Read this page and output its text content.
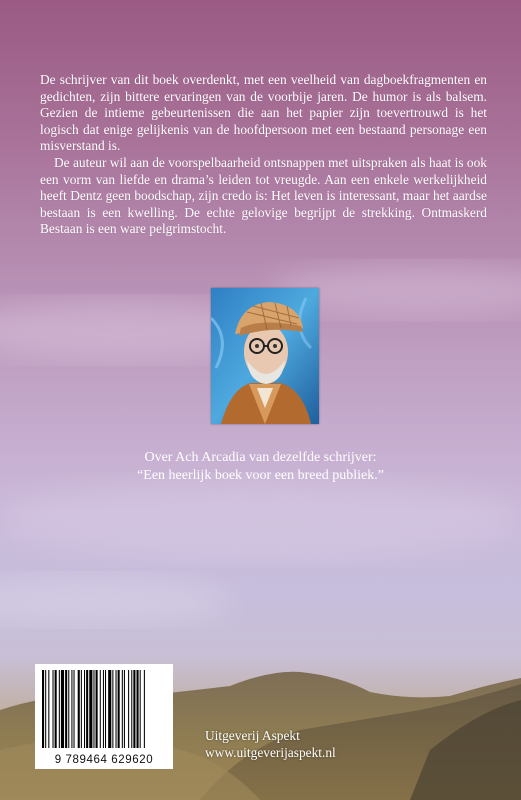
De schrijver van dit boek overdenkt, met een veelheid van dagboekfragmenten en gedichten, zijn bittere ervaringen van de voorbije jaren. De humor is als balsem. Gezien de intieme gebeurtenissen die aan het papier zijn toevertrouwd is het logisch dat enige gelijkenis van de hoofdpersoon met een bestaand personage een misverstand is.

De auteur wil aan de voorspelbaarheid ontsnappen met uitspraken als haat is ook een vorm van liefde en drama’s leiden tot vreugde. Aan een enkele werkelijkheid heeft Dentz geen boodschap, zijn credo is: Het leven is interessant, maar het aardse bestaan is een kwelling. De echte gelovige begrijpt de strekking. Ontmaskerd Bestaan is een ware pelgrimstocht.

Over Ach Arcadia van dezelfde schrijver:
“Een heerlijk boek voor een breed publiek.”
9 789464 629620
Uitgeverij Aspekt
www.uitgeverijaspekt.nl
